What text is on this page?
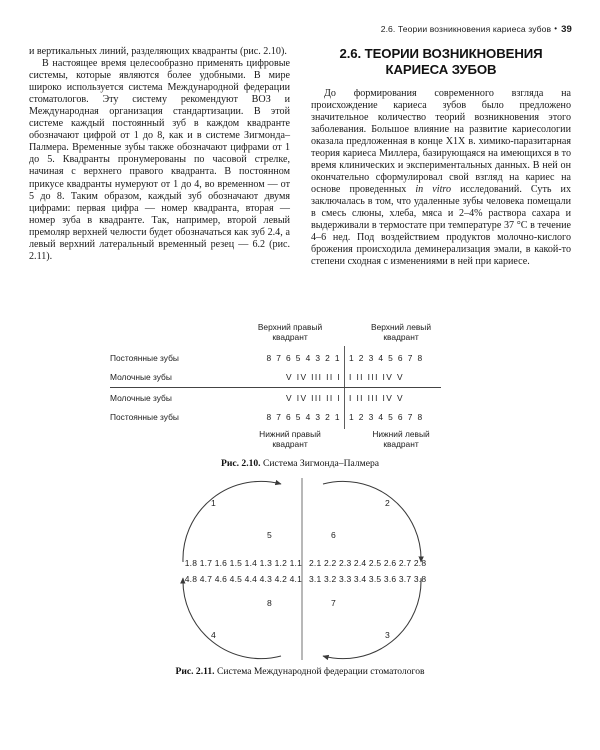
2.6. Теории возникновения кариеса зубов • 39

и вертикальных линий, разделяющих квадранты (рис. 2.10).

В настоящее время целесообразно применять цифровые системы, которые являются более удобными. В мире широко используется система Международной федерации стоматологов. Эту систему рекомендуют ВОЗ и Международная организация стандартизации. В этой системе каждый постоянный зуб в каждом квадранте обозначают цифрой от 1 до 8, как и в системе Зигмонда–Палмера. Временные зубы также обозначают цифрами от 1 до 5. Квадранты пронумерованы по часовой стрелке, начиная с верхнего правого квадранта. В постоянном прикусе квадранты нумеруют от 1 до 4, во временном — от 5 до 8. Таким образом, каждый зуб обозначают двумя цифрами: первая цифра — номер квадранта, вторая — номер зуба в квадранте. Так, например, второй левый премоляр верхней челюсти будет обозначаться как зуб 2.4, а левый верхний латеральный временный резец — 6.2 (рис. 2.11).

2.6. ТЕОРИИ ВОЗНИКНОВЕНИЯ
КАРИЕСА ЗУБОВ

До формирования современного взгляда на происхождение кариеса зубов было предложено значительное количество теорий возникновения этого заболевания. Большое влияние на развитие кариесологии оказала предложенная в конце X1X в. химико-паразитарная теория кариеса Миллера, базирующаяся на имеющихся в то время клинических и экспериментальных данных. В ней он окончательно сформулировал свой взгляд на кариес на основе проведенных in vitro исследований. Суть их заключалась в том, что удаленные зубы человека помещали в смесь слюны, хлеба, мяса и 2–4% раствора сахара и выдерживали в термостате при температуре 37 °C в течение 4–6 нед. Под воздействием продуктов молочно-кислого брожения происходила деминерализация эмали, в какой-то степени сходная с изменениями в ней при кариесе.

Верхний правый
квадрант
Верхний левый
квадрант
Постоянные зубы	8 7 6 5 4 3 2 1 1 2 3 4 5 6 7 8
Молочные зубы	V IV III II I I II III IV V
Молочные зубы	V IV III II I I II III IV V
Постоянные зубы	8 7 6 5 4 3 2 1 1 2 3 4 5 6 7 8
Нижний правый
квадрант
Нижний левый
квадрант
Рис. 2.10. Система Зигмонда–Палмера
1	2
3
4
5	6
7
8
1.8 1.7 1.6 1.5 1.4 1.3 1.2 1.1 2.1 2.2 2.3 2.4 2.5 2.6 2.7 2.8
4.8 4.7 4.6 4.5 4.4 4.3 4.2 4.1 3.1 3.2 3.3 3.4 3.5 3.6 3.7 3.8
Рис. 2.11. Система Международной федерации стоматологов
